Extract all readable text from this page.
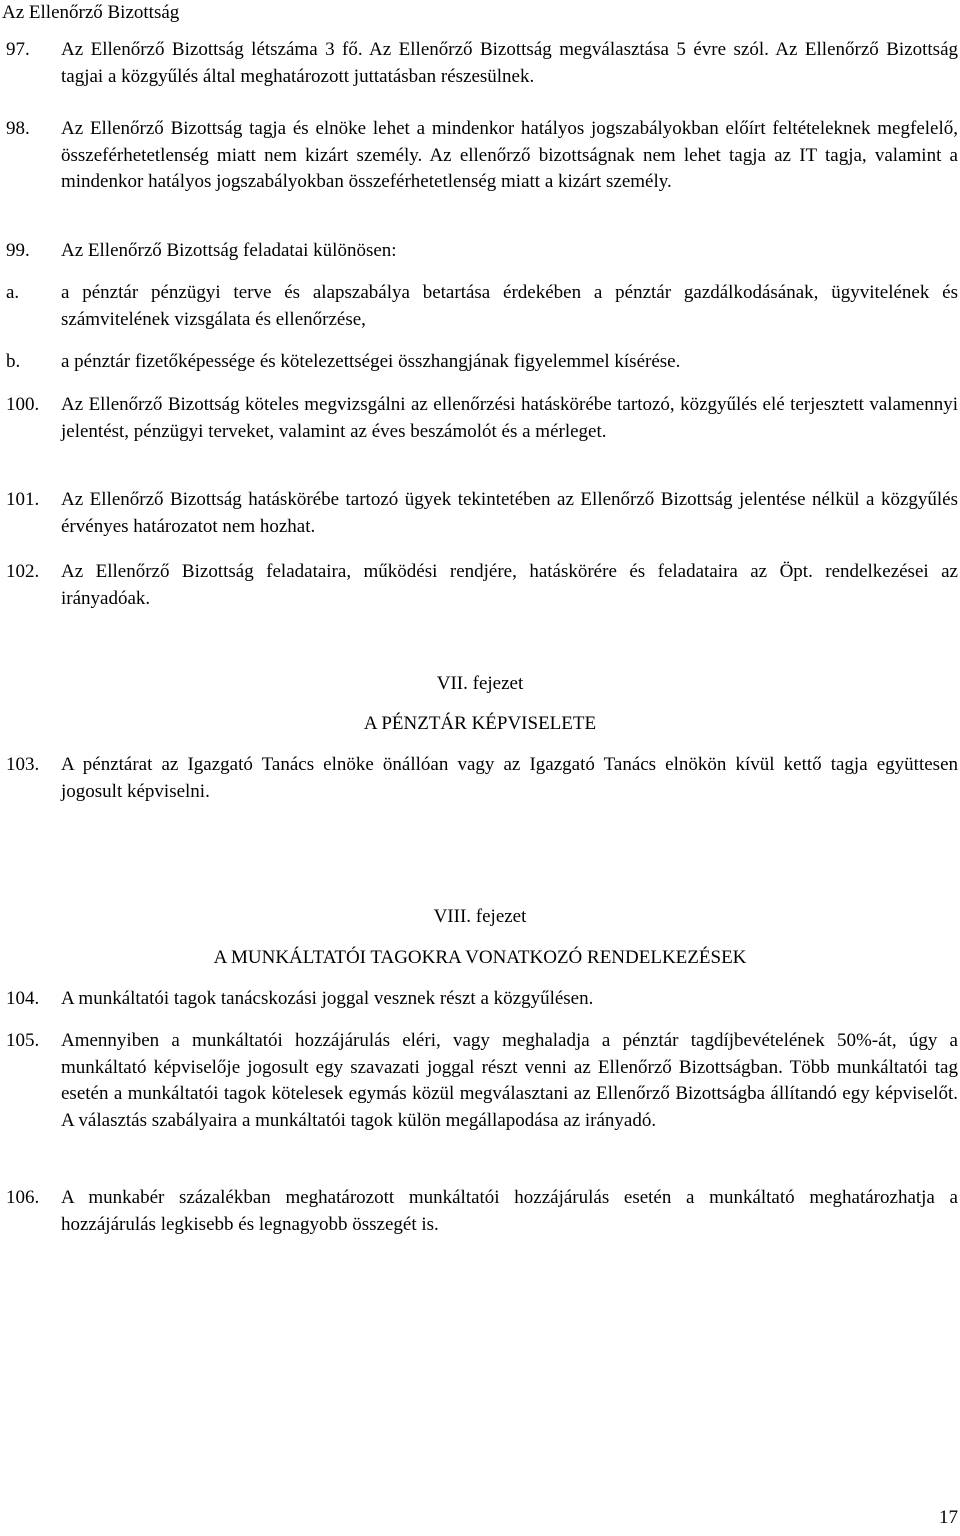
Az Ellenőrző Bizottság
97.	Az Ellenőrző Bizottság létszáma 3 fő. Az Ellenőrző Bizottság megválasztása 5 évre szól. Az Ellenőrző Bizottság tagjai a közgyűlés által meghatározott juttatásban részesülnek.
98.	Az Ellenőrző Bizottság tagja és elnöke lehet a mindenkor hatályos jogszabályokban előírt feltételeknek megfelelő, összeférhetetlenség miatt nem kizárt személy. Az ellenőrző bizottságnak nem lehet tagja az IT tagja, valamint a mindenkor hatályos jogszabályokban összeférhetetlenség miatt a kizárt személy.
99.	Az Ellenőrző Bizottság feladatai különösen:
a.	a pénztár pénzügyi terve és alapszabálya betartása érdekében a pénztár gazdálkodásának, ügyvitelének és számvitelének vizsgálata és ellenőrzése,
b.	a pénztár fizetőképessége és kötelezettségei összhangjának figyelemmel kísérése.
100.	Az Ellenőrző Bizottság köteles megvizsgálni az ellenőrzési hatáskörébe tartozó, közgyűlés elé terjesztett valamennyi jelentést, pénzügyi terveket, valamint az éves beszámolót és a mérleget.
101.	Az Ellenőrző Bizottság hatáskörébe tartozó ügyek tekintetében az Ellenőrző Bizottság jelentése nélkül a közgyűlés érvényes határozatot nem hozhat.
102.	Az Ellenőrző Bizottság feladataira, működési rendjére, hatáskörére és feladataira az Öpt. rendelkezései az irányadóak.
VII. fejezet
A PÉNZTÁR KÉPVISELETE
103.	A pénztárat az Igazgató Tanács elnöke önállóan vagy az Igazgató Tanács elnökön kívül kettő tagja együttesen jogosult képviselni.
VIII. fejezet
A MUNKÁLTATÓI TAGOKRA VONATKOZÓ RENDELKEZÉSEK
104.	A munkáltatói tagok tanácskozási joggal vesznek részt a közgyűlésen.
105.	Amennyiben a munkáltatói hozzájárulás eléri, vagy meghaladja a pénztár tagdíjbevételének 50%-át, úgy a munkáltató képviselője jogosult egy szavazati joggal részt venni az Ellenőrző Bizottságban. Több munkáltatói tag esetén a munkáltatói tagok kötelesek egymás közül megválasztani az Ellenőrző Bizottságba állítandó egy képviselőt. A választás szabályaira a munkáltatói tagok külön megállapodása az irányadó.
106.	A munkabér százalékban meghatározott munkáltatói hozzájárulás esetén a munkáltató meghatározhatja a hozzájárulás legkisebb és legnagyobb összegét is.
17
